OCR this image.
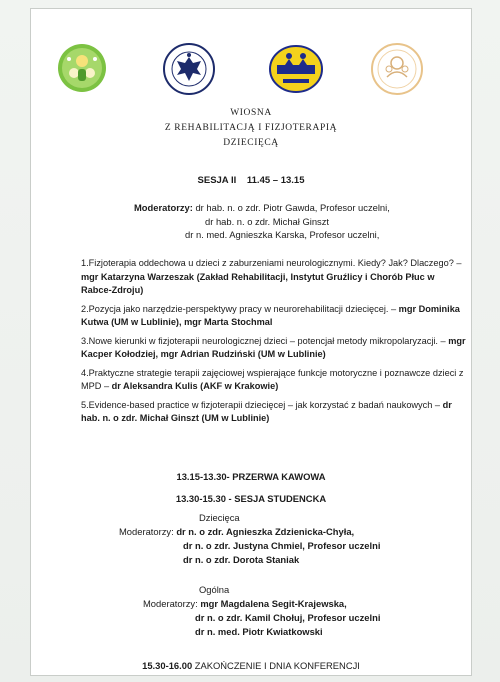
WIOSNA
Z REHABILITACJĄ I FIZJOTERAPIĄ
DZIECIĘCĄ
SESJA II 11.45 – 13.15
Moderatorzy: dr hab. n. o zdr. Piotr Gawda, Profesor uczelni,
dr hab. n. o zdr. Michał Ginszt
dr n. med. Agnieszka Karska, Profesor uczelni,
1.Fizjoterapia oddechowa u dzieci z zaburzeniami neurologicznymi. Kiedy? Jak? Dlaczego? – mgr Katarzyna Warzeszak (Zakład Rehabilitacji, Instytut Gruźlicy i Chorób Płuc w Rabce-Zdroju)
2.Pozycja jako narzędzie-perspektywy pracy w neurorehabilitacji dziecięcej. – mgr Dominika Kutwa (UM w Lublinie), mgr Marta Stochmal
3.Nowe kierunki w fizjoterapii neurologicznej dzieci – potencjał metody mikropolaryzacji. – mgr Kacper Kołodziej, mgr Adrian Rudziński (UM w Lublinie)
4.Praktyczne strategie terapii zajęciowej wspierające funkcje motoryczne i poznawcze dzieci z MPD – dr Aleksandra Kulis (AKF w Krakowie)
5.Evidence-based practice w fizjoterapii dziecięcej – jak korzystać z badań naukowych – dr hab. n. o zdr. Michał Ginszt (UM w Lublinie)
13.15-13.30- PRZERWA KAWOWA
13.30-15.30 - SESJA STUDENCKA
Dziecięca
Moderatorzy: dr n. o zdr. Agnieszka Zdzienicka-Chyła,
dr n. o zdr. Justyna Chmiel, Profesor uczelni
dr n. o zdr. Dorota Staniak
Ogólna
Moderatorzy: mgr Magdalena Segit-Krajewska,
dr n. o zdr. Kamil Chołuj, Profesor uczelni
dr n. med. Piotr Kwiatkowski
15.30-16.00 ZAKOŃCZENIE I DNIA KONFERENCJI
